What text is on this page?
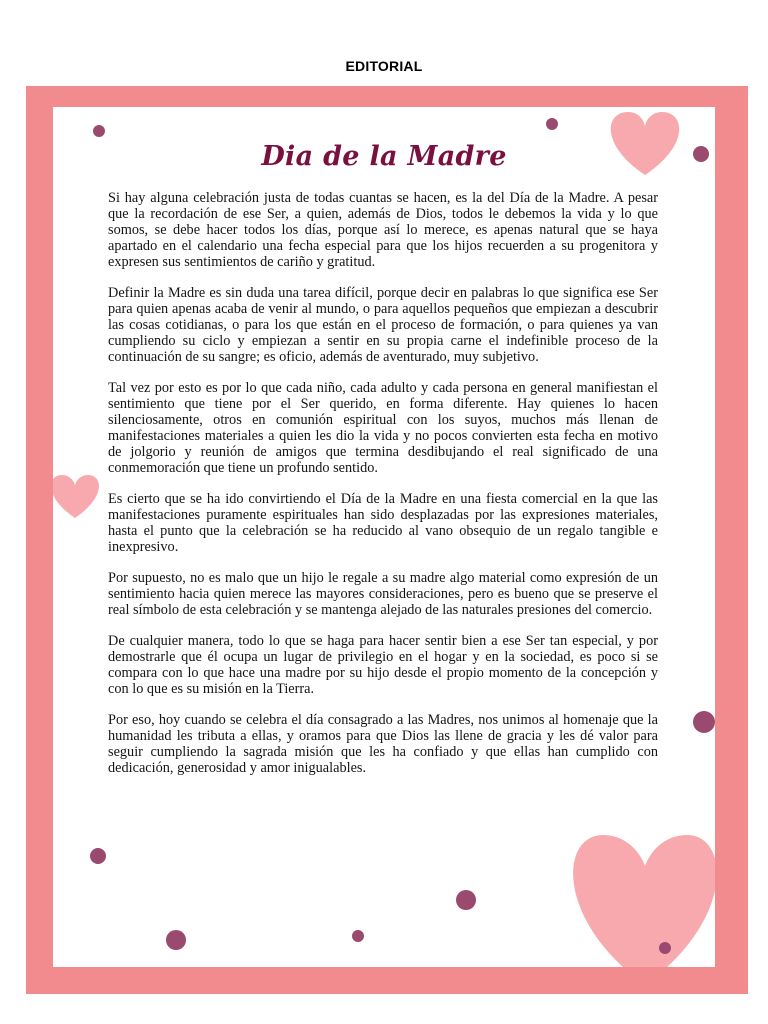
EDITORIAL
Dia de la Madre

Si hay alguna celebración justa de todas cuantas se hacen, es la del Día de la Madre. A pesar que la recordación de ese Ser, a quien, además de Dios, todos le debemos la vida y lo que somos, se debe hacer todos los días, porque así lo merece, es apenas natural que se haya apartado en el calendario una fecha especial para que los hijos recuerden a su progenitora y expresen sus sentimientos de cariño y gratitud.

Definir la Madre es sin duda una tarea difícil, porque decir en palabras lo que significa ese Ser para quien apenas acaba de venir al mundo, o para aquellos pequeños que empiezan a descubrir las cosas cotidianas, o para los que están en el proceso de formación, o para quienes ya van cumpliendo su ciclo y empiezan a sentir en su propia carne el indefinible proceso de la continuación de su sangre; es oficio, además de aventurado, muy subjetivo.

Tal vez por esto es por lo que cada niño, cada adulto y cada persona en general manifiestan el sentimiento que tiene por el Ser querido, en forma diferente. Hay quienes lo hacen silenciosamente, otros en comunión espiritual con los suyos, muchos más llenan de manifestaciones materiales a quien les dio la vida y no pocos convierten esta fecha en motivo de jolgorio y reunión de amigos que termina desdibujando el real significado de una conmemoración que tiene un profundo sentido.

Es cierto que se ha ido convirtiendo el Día de la Madre en una fiesta comercial en la que las manifestaciones puramente espirituales han sido desplazadas por las expresiones materiales, hasta el punto que la celebración se ha reducido al vano obsequio de un regalo tangible e inexpresivo.

Por supuesto, no es malo que un hijo le regale a su madre algo material como expresión de un sentimiento hacia quien merece las mayores consideraciones, pero es bueno que se preserve el real símbolo de esta celebración y se mantenga alejado de las naturales presiones del comercio.

De cualquier manera, todo lo que se haga para hacer sentir bien a ese Ser tan especial, y por demostrarle que él ocupa un lugar de privilegio en el hogar y en la sociedad, es poco si se compara con lo que hace una madre por su hijo desde el propio momento de la concepción y con lo que es su misión en la Tierra.

Por eso, hoy cuando se celebra el día consagrado a las Madres, nos unimos al homenaje que la humanidad les tributa a ellas, y oramos para que Dios las llene de gracia y les dé valor para seguir cumpliendo la sagrada misión que les ha confiado y que ellas han cumplido con dedicación, generosidad y amor inigualables.
